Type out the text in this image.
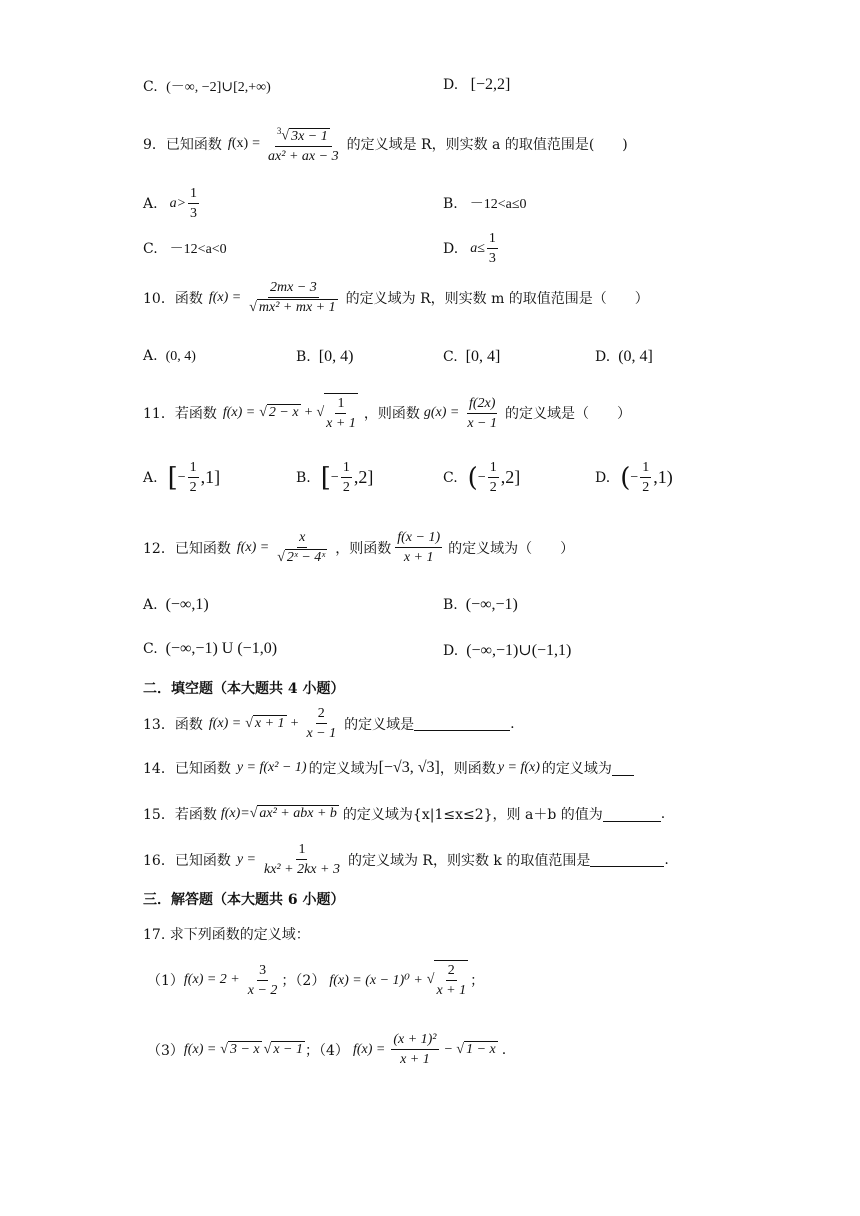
C. (－∞, −2]∪[2,+∞)	D. [−2,2]
9．已知函数 f $(x) = \frac{^3√ 3x - 1}{\text{ax² + ax − 3}}$ 的定义域是 R，则实数 a 的取值范围是(　　)
A. $a> \frac{1}{3}$	B. －12<a≤0
C. －12<a<0	D. $a\le \frac{1}{3}$
10．函数 $f(x) = \frac{2mx - 3}{\text{√ mx² + mx + 1}}$ 的定义域为 R，则实数 m 的取值范围是（　　）
A. (0, 4)	B. [0, 4)	C. [0, 4]	D. (0, 4]
11．若函数 f(x) = √ 2 − x + √ $\frac{1}{x + 1}$ ，则函数 $g(x) = \frac{f(2x)}{x - 1}$ 的定义域是（　　）
A. [ − $\frac{1}{2} ,1$]	B. [ − $\frac{1}{2} ,2$]	C. ( − $\frac{1}{2} ,2$]	D. ( − $\frac{1}{2} ,1$)
12．已知函数 $f(x) = \frac{x}{\text{√ 2ˣ − 4ˣ}}$ ，则函数 $\frac{f(x - 1)}{x + 1}$ 的定义域为（　　）
A. (−∞,1)	B. (−∞,−1)
C. (−∞,−1) U (−1,0)	D. (−∞,−1)∪(−1,1)
二．填空题（本大题共 4 小题）
13．函数 f(x) = √ $x + 1 + \frac{2}{x - 1}$ 的定义域是	.
14．已知函数 y = f(x² − 1) 的定义域为 [−√3, √3] ，则函数 y = f(x) 的定义域为
15．若函数 f(x)= √ ax² + abx + b 的定义域为{x|1≤x≤2}，则 a＋b 的值为	.
16．已知函数 $y = \frac{1}{\text{kx² + 2kx + 3}}$ 的定义域为 R，则实数 k 的取值范围是	.
三．解答题（本大题共 6 小题）
17. 求下列函数的定义域：
（1） $f(x) = 2 + \frac{3}{x - 2}$ ；（2） f(x) = (x − 1)⁰ + √ $\frac{2}{x + 1}$ ；
（3） f(x) = √ 3 − x √ x − 1 ；（4） $f(x) = \frac{\text{(x + 1)²}}{x + 1}$ − √ 1 − x .
